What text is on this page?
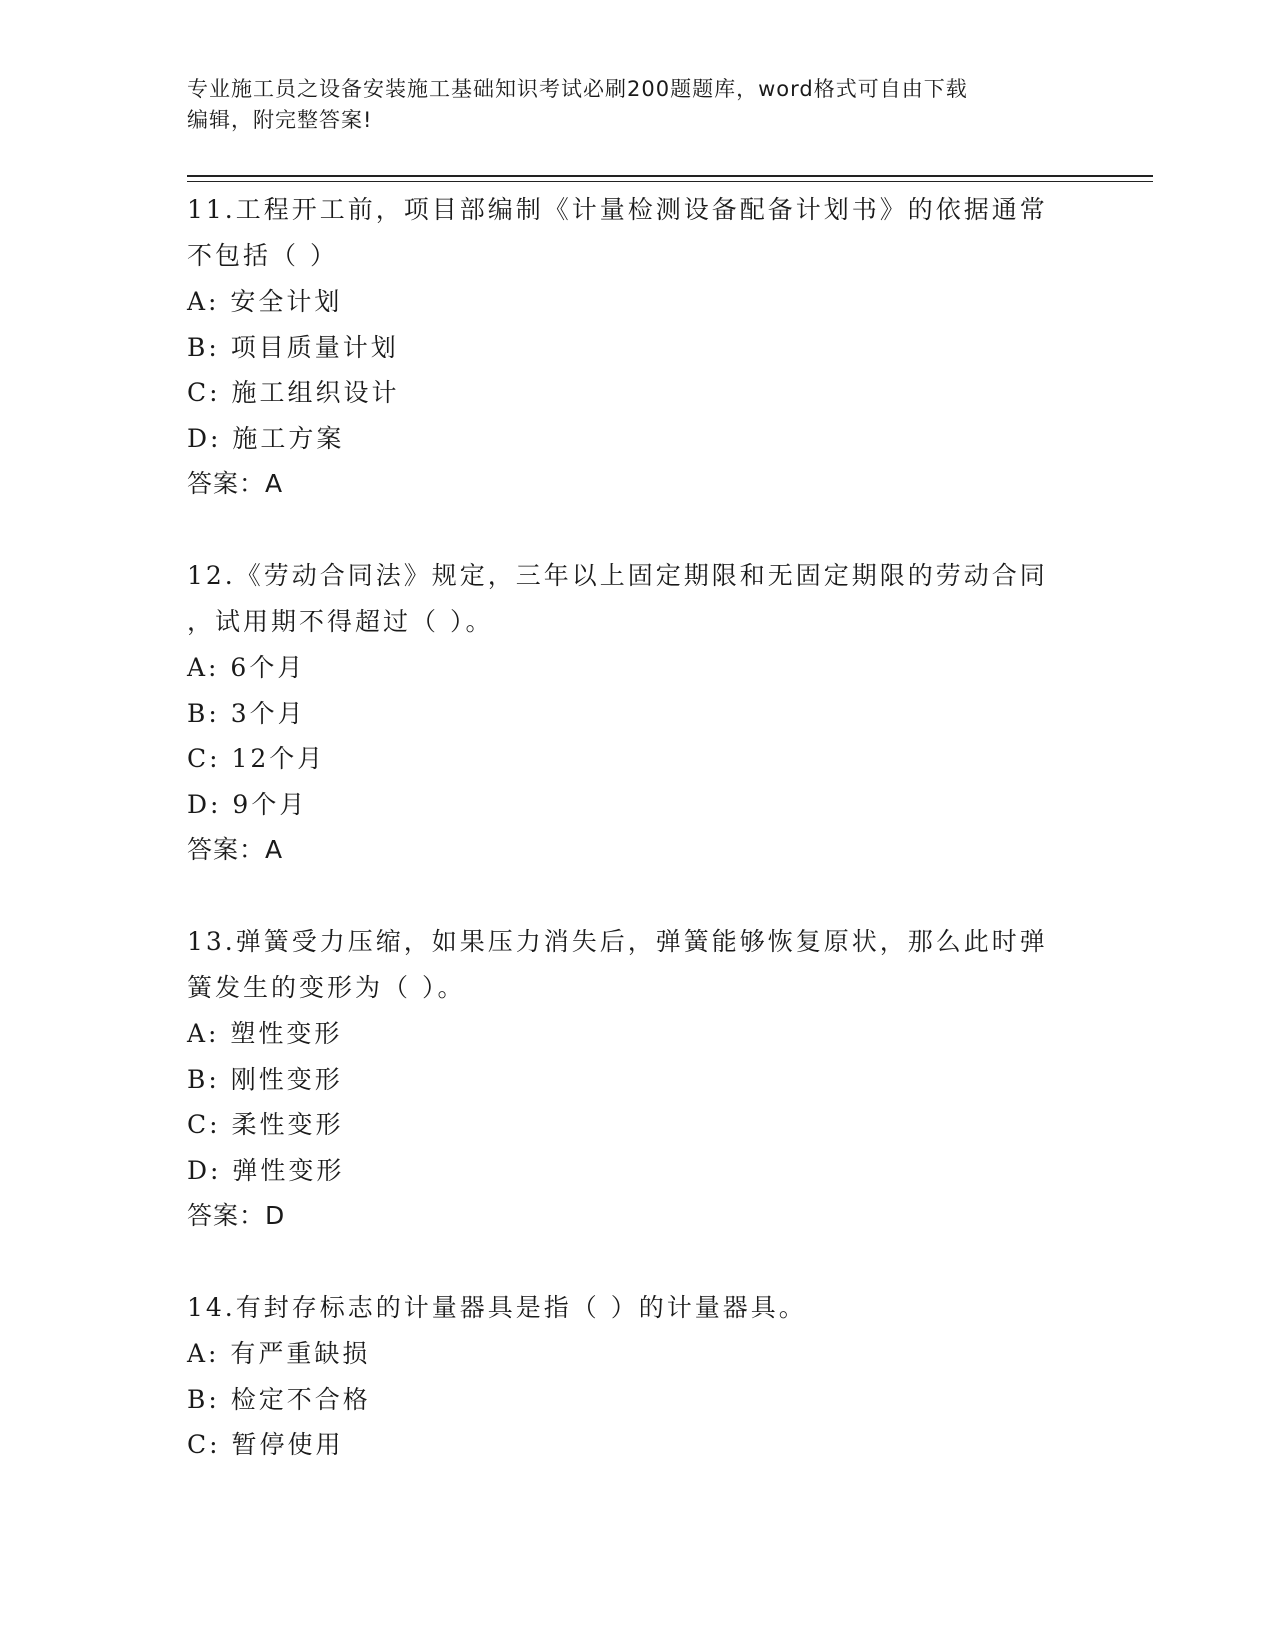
专业施工员之设备安装施工基础知识考试必刷200题题库，word格式可自由下载
编辑，附完整答案!

11.工程开工前，项目部编制《计量检测设备配备计划书》的依据通常

不包括（ ）

A: 安全计划

B: 项目质量计划

C: 施工组织设计

D: 施工方案

答案：A

12.《劳动合同法》规定，三年以上固定期限和无固定期限的劳动合同

，试用期不得超过（ ）。

A: 6个月

B: 3个月

C: 12个月

D: 9个月

答案：A

13.弹簧受力压缩，如果压力消失后，弹簧能够恢复原状，那么此时弹

簧发生的变形为（ ）。

A: 塑性变形

B: 刚性变形

C: 柔性变形

D: 弹性变形

答案：D

14.有封存标志的计量器具是指（ ）的计量器具。

A: 有严重缺损

B: 检定不合格

C: 暂停使用
